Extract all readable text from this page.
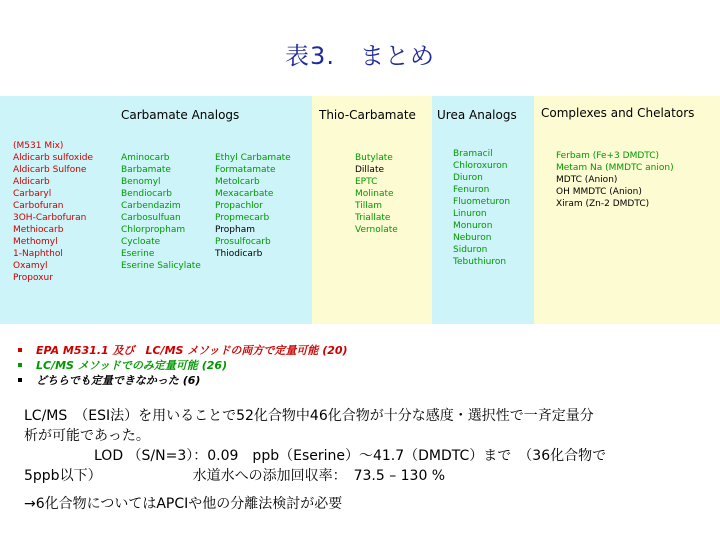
表3.　まとめ
Carbamate Analogs	Thio-Carbamate Urea Analogs Complexes and Chelators
(M531 Mix)
Aldicarb sulfoxide
Aldicarb Sulfone
Aldicarb
Carbaryl
Carbofuran
3OH-Carbofuran
Methiocarb
Methomyl
1-Naphthol
Oxamyl
Propoxur
Aminocarb
Barbamate
Benomyl
Bendiocarb
Carbendazim
Carbosulfuan
Chlorpropham
Cycloate
Eserine
Eserine Salicylate
Ethyl Carbamate
Formatamate
Metolcarb
Mexacarbate
Propachlor
Propmecarb
Propham
Prosulfocarb
Thiodicarb
Butylate
Dillate
EPTC
Molinate
Tillam
Triallate
Vernolate
Bramacil
Chloroxuron
Diuron
Fenuron
Fluometuron
Linuron
Monuron
Neburon
Siduron
Tebuthiuron
Ferbam (Fe+3 DMDTC)
Metam Na (MMDTC anion)
MDTC (Anion)
OH MMDTC (Anion)
Xiram (Zn-2 DMDTC)
EPA M531.1 及び　LC/MS メソッドの両方で定量可能 (20)
LC/MS メソッドでのみ定量可能 (26)
どちらでも定量できなかった (6)
LC/MS　（ESI法）を用いることで52化合物中46化合物が十分な感度・選択性で一斉定量分
析が可能であった。
　　　　　LOD （S/N=3）：0.09　ppb（Eserine）～41.7（DMDTC）まで　（36化合物で
5ppb以下）　　　　　　　水道水への添加回収率：　73.5 – 130 %
→6化合物についてはAPCIや他の分離法検討が必要
